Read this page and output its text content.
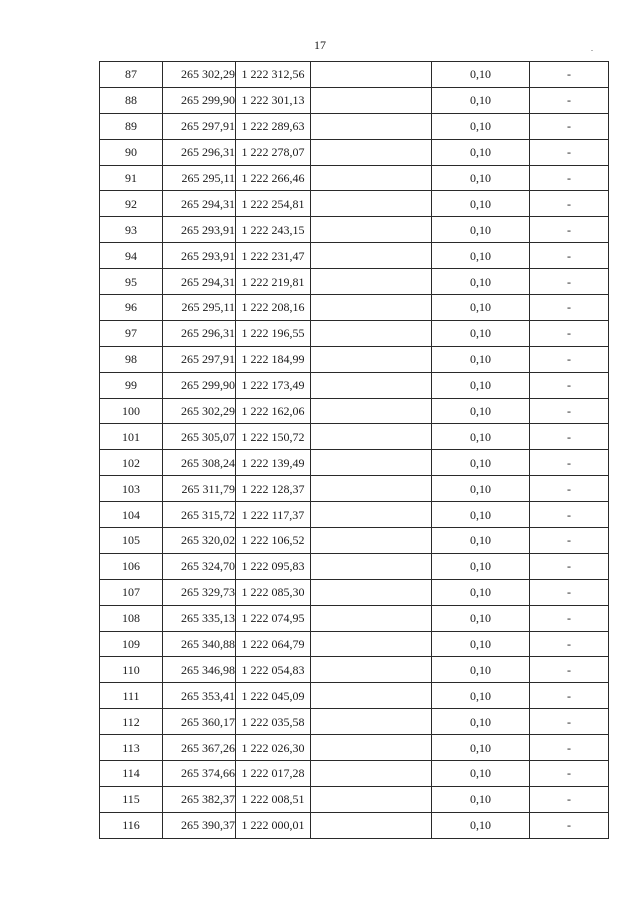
17
87	265 302,29	1 222 312,56		0,10	-
88	265 299,90	1 222 301,13		0,10	-
89	265 297,91	1 222 289,63		0,10	-
90	265 296,31	1 222 278,07		0,10	-
91	265 295,11	1 222 266,46		0,10	-
92	265 294,31	1 222 254,81		0,10	-
93	265 293,91	1 222 243,15		0,10	-
94	265 293,91	1 222 231,47		0,10	-
95	265 294,31	1 222 219,81		0,10	-
96	265 295,11	1 222 208,16		0,10	-
97	265 296,31	1 222 196,55		0,10	-
98	265 297,91	1 222 184,99		0,10	-
99	265 299,90	1 222 173,49		0,10	-
100	265 302,29	1 222 162,06		0,10	-
101	265 305,07	1 222 150,72		0,10	-
102	265 308,24	1 222 139,49		0,10	-
103	265 311,79	1 222 128,37		0,10	-
104	265 315,72	1 222 117,37		0,10	-
105	265 320,02	1 222 106,52		0,10	-
106	265 324,70	1 222 095,83		0,10	-
107	265 329,73	1 222 085,30		0,10	-
108	265 335,13	1 222 074,95		0,10	-
109	265 340,88	1 222 064,79		0,10	-
110	265 346,98	1 222 054,83		0,10	-
111	265 353,41	1 222 045,09		0,10	-
112	265 360,17	1 222 035,58		0,10	-
113	265 367,26	1 222 026,30		0,10	-
114	265 374,66	1 222 017,28		0,10	-
115	265 382,37	1 222 008,51		0,10	-
116	265 390,37	1 222 000,01		0,10	-
